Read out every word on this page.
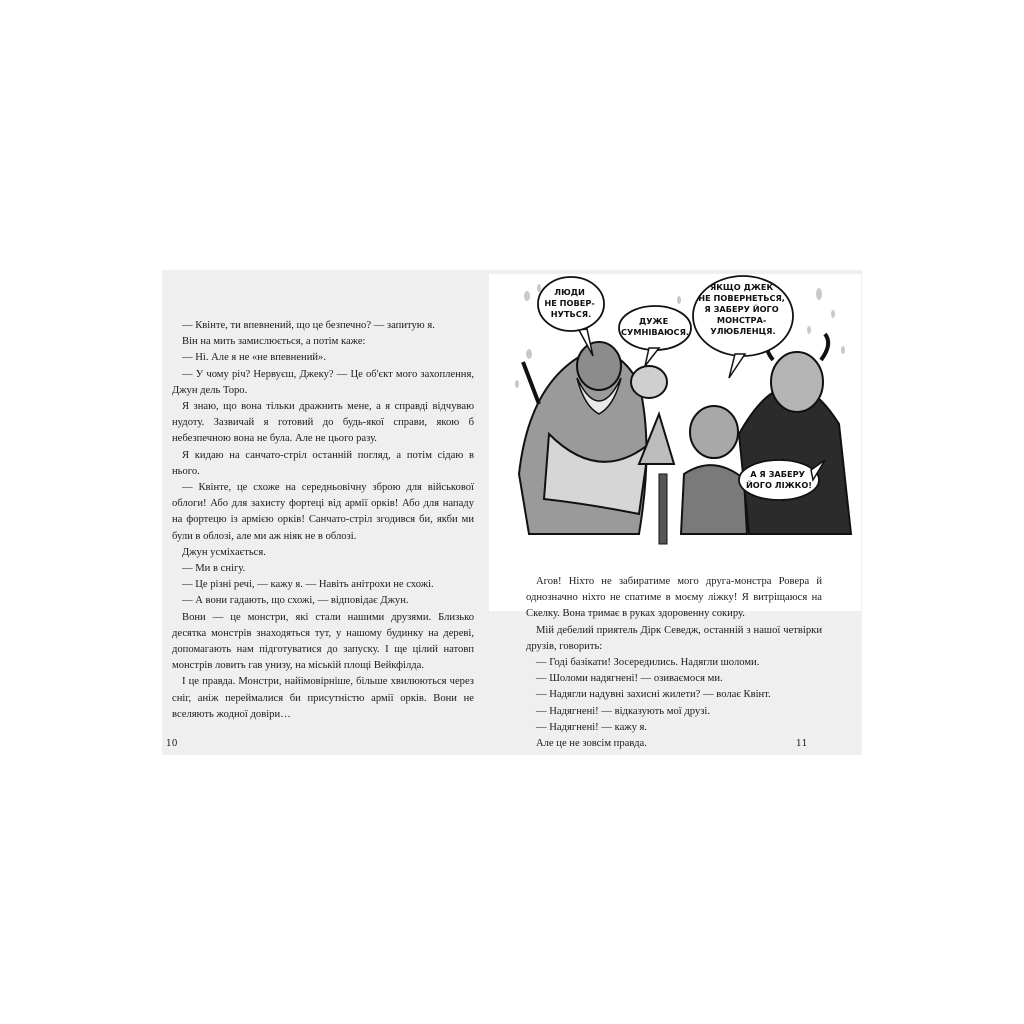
ЛЮДИ НЕ ПОВЕР- НУТЬСЯ.
ДУЖЕ СУМНІВАЮСЯ.
ЯКЩО ДЖЕК НЕ ПОВЕРНЕТЬСЯ, Я ЗАБЕРУ ЙОГО МОНСТРА- УЛЮБЛЕНЦЯ.
А Я ЗАБЕРУ ЙОГО ЛІЖКО!

— Квінте, ти впевнений, що це безпечно? — запитую я.

Він на мить замислюється, а потім каже:

— Ні. Але я не «не впевнений».

— У чому річ? Нервуєш, Джеку? — Це об'єкт мого захоплення, Джун дель Торо.

Я знаю, що вона тільки дражнить мене, а я справді відчуваю нудоту. Зазвичай я готовий до будь-якої справи, якою б небезпечною вона не була. Але не цього разу.

Я кидаю на санчато-стріл останній погляд, а потім сідаю в нього.

— Квінте, це схоже на середньовічну зброю для військової облоги! Або для захисту фортеці від армії орків! Або для нападу на фортецю із армією орків! Санчато-стріл згодився би, якби ми були в облозі, але ми аж ніяк не в облозі.

Джун усміхається.

— Ми в снігу.

— Це різні речі, — кажу я. — Навіть анітрохи не схожі.

— А вони гадають, що схожі, — відповідає Джун.

Вони — це монстри, які стали нашими друзями. Близько десятка монстрів знаходяться тут, у нашому будинку на дереві, допомагають нам підготуватися до запуску. І ще цілий натовп монстрів ловить гав унизу, на міській площі Вейкфілда.

І це правда. Монстри, найімовірніше, більше хвилюються через сніг, аніж переймалися би присутністю армії орків. Вони не вселяють жодної довіри…

Агов! Ніхто не забиратиме мого друга-монстра Ровера й однозначно ніхто не спатиме в моєму ліжку! Я витріщаюся на Скелку. Вона тримає в руках здоровенну сокиру.

Мій дебелий приятель Дірк Севедж, останній з нашої четвірки друзів, говорить:

— Годі базікати! Зосередились. Надягли шоломи.

— Шоломи надягнені! — озиваємося ми.

— Надягли надувні захисні жилети? — волає Квінт.

— Надягнені! — відказують мої друзі.

— Надягнені! — кажу я.

Але це не зовсім правда.

10	11
